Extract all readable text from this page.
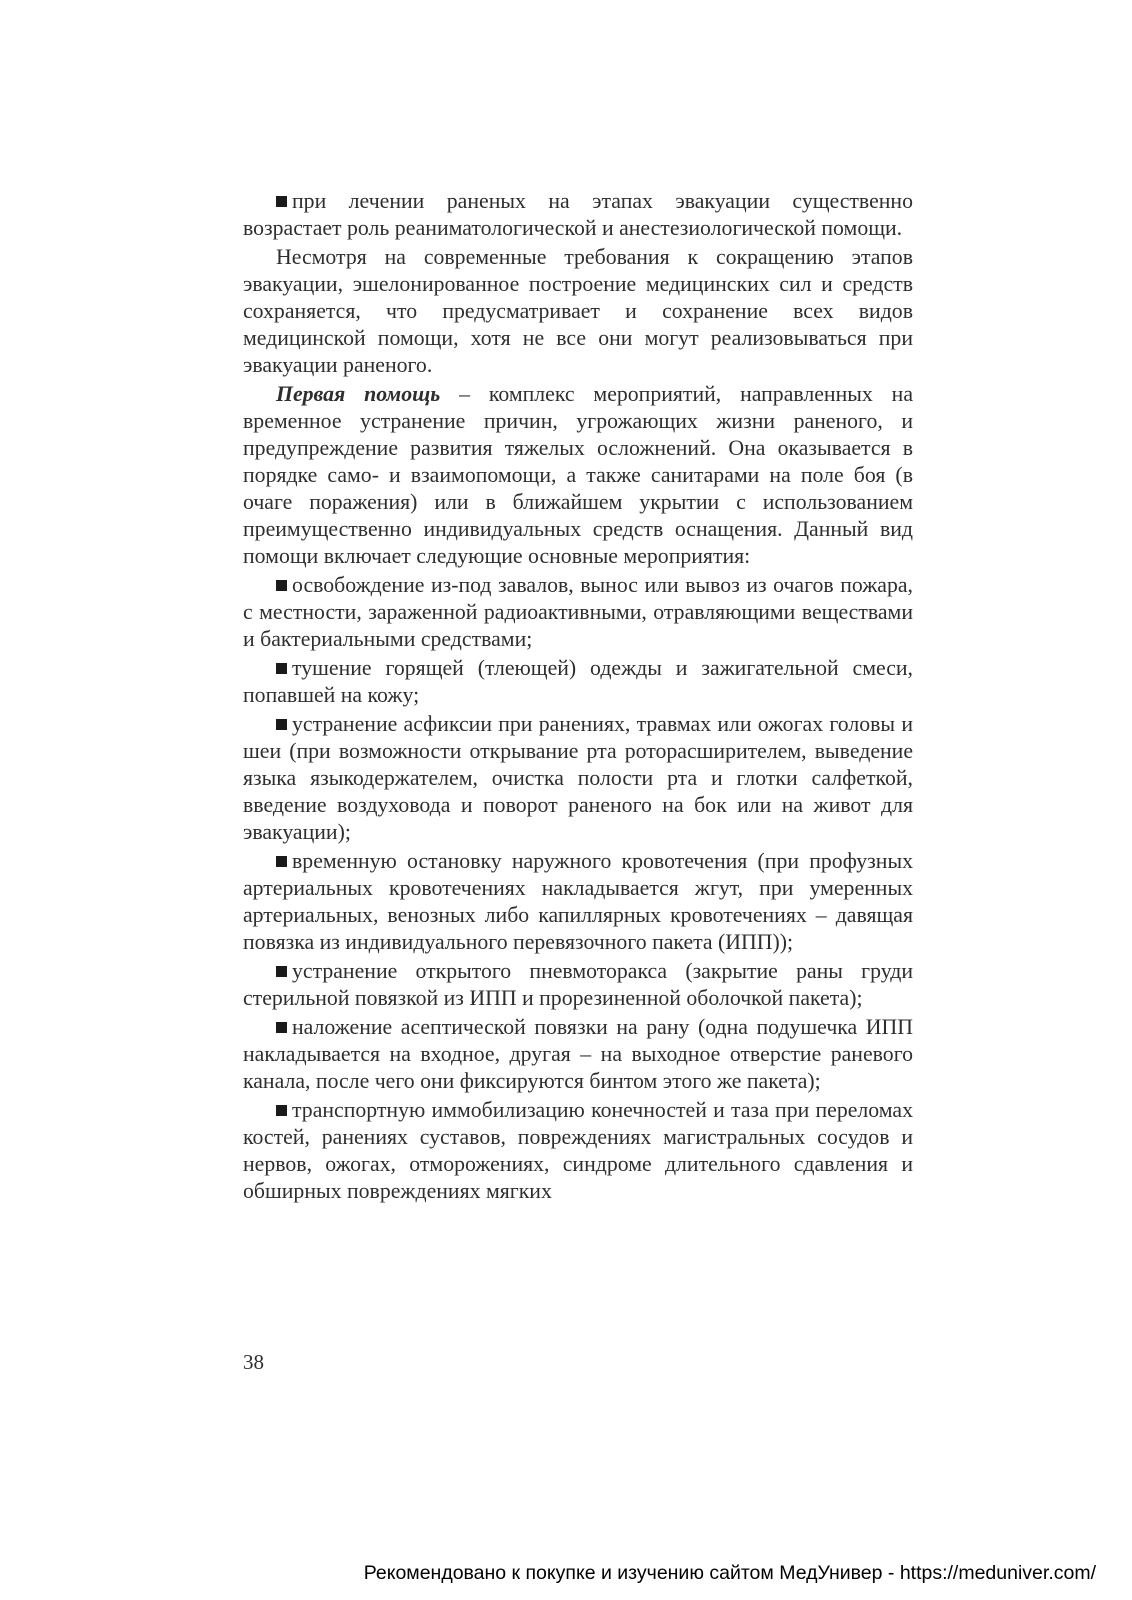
при лечении раненых на этапах эвакуации существенно возрастает роль реаниматологической и анестезиологической помощи.

Несмотря на современные требования к сокращению этапов эвакуации, эшелонированное построение медицинских сил и средств сохраняется, что предусматривает и сохранение всех видов медицинской помощи, хотя не все они могут реализовываться при эвакуации раненого.

Первая помощь – комплекс мероприятий, направленных на временное устранение причин, угрожающих жизни раненого, и предупреждение развития тяжелых осложнений. Она оказывается в порядке само- и взаимопомощи, а также санитарами на поле боя (в очаге поражения) или в ближайшем укрытии с использованием преимущественно индивидуальных средств оснащения. Данный вид помощи включает следующие основные мероприятия:

освобождение из-под завалов, вынос или вывоз из очагов пожара, с местности, зараженной радиоактивными, отравляющими веществами и бактериальными средствами;

тушение горящей (тлеющей) одежды и зажигательной смеси, попавшей на кожу;

устранение асфиксии при ранениях, травмах или ожогах головы и шеи (при возможности открывание рта роторасширителем, выведение языка языкодержателем, очистка полости рта и глотки салфеткой, введение воздуховода и поворот раненого на бок или на живот для эвакуации);

временную остановку наружного кровотечения (при профузных артериальных кровотечениях накладывается жгут, при умеренных артериальных, венозных либо капиллярных кровотечениях – давящая повязка из индивидуального перевязочного пакета (ИПП));

устранение открытого пневмоторакса (закрытие раны груди стерильной повязкой из ИПП и прорезиненной оболочкой пакета);

наложение асептической повязки на рану (одна подушечка ИПП накладывается на входное, другая – на выходное отверстие раневого канала, после чего они фиксируются бинтом этого же пакета);

транспортную иммобилизацию конечностей и таза при переломах костей, ранениях суставов, повреждениях магистральных сосудов и нервов, ожогах, отморожениях, синдроме длительного сдавления и обширных повреждениях мягких

38
Рекомендовано к покупке и изучению сайтом МедУнивер - https://meduniver.com/
